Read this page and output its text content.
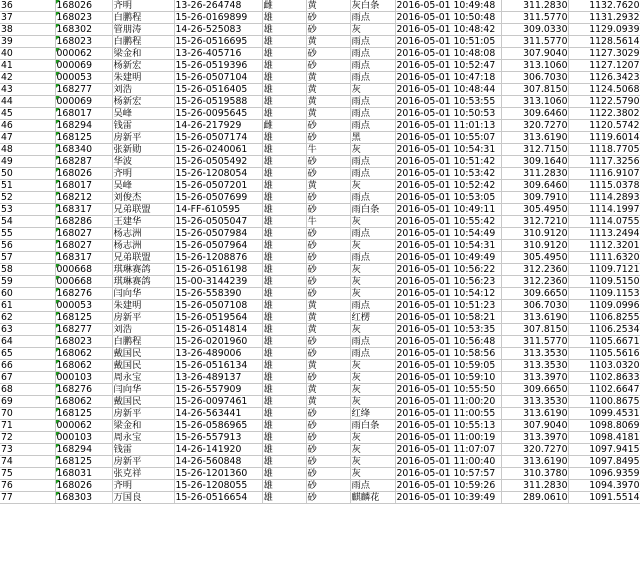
36	168026	齐明	13-26-264748	雌	黄	灰白条	2016-05-01 10:49:48	311.2830	1132.7620
37	168023	白鹏程	15-26-0169899	雄	砂	雨点	2016-05-01 10:50:48	311.5770	1131.2932
38	168302	管朋涛	14-26-525083	雄	砂	灰	2016-05-01 10:48:42	309.0330	1129.0939
39	168023	白鹏程	15-26-0516695	雄	黄	雨点	2016-05-01 10:51:05	311.5770	1128.5614
40	000062	梁金和	13-26-405716	雄	砂	雨点	2016-05-01 10:48:08	307.9040	1127.3029
41	000069	杨新宏	15-26-0519396	雄	砂	雨点	2016-05-01 10:52:47	313.1060	1127.1207
42	000053	朱建明	15-26-0507104	雄	黄	雨点	2016-05-01 10:47:18	306.7030	1126.3423
43	168277	刘浩	15-26-0516405	雄	黄	灰	2016-05-01 10:48:44	307.8150	1124.5068
44	000069	杨新宏	15-26-0519588	雄	黄	雨点	2016-05-01 10:53:55	313.1060	1122.5790
45	168017	吴峰	15-26-0095645	雄	黄	雨点	2016-05-01 10:50:53	309.6460	1122.3802
46	168294	钱雷	14-26-217929	雌	砂	雨点	2016-05-01 11:01:13	320.7270	1120.5742
47	168125	房新平	15-26-0507174	雄	砂	黑	2016-05-01 10:55:07	313.6190	1119.6014
48	168340	张新勋	15-26-0240061	雄	牛	灰	2016-05-01 10:54:31	312.7150	1118.7705
49	168287	华波	15-26-0505492	雄	砂	雨点	2016-05-01 10:51:42	309.1640	1117.3256
50	168026	齐明	15-26-1208054	雄	砂	雨点	2016-05-01 10:53:42	311.2830	1116.9107
51	168017	吴峰	15-26-0507201	雄	黄	灰	2016-05-01 10:52:42	309.6460	1115.0378
52	168212	刘俊杰	15-26-0507699	雄	砂	雨点	2016-05-01 10:53:05	309.7910	1114.2893
53	168317	兄弟联盟	14-FF-610595	雄	砂	雨白条	2016-05-01 10:49:11	305.4950	1114.1997
54	168286	王建华	15-26-0505047	雄	牛	灰	2016-05-01 10:55:42	312.7210	1114.0755
55	168027	杨志洲	15-26-0507984	雄	砂	雨点	2016-05-01 10:54:49	310.9120	1113.2494
56	168027	杨志洲	15-26-0507964	雄	砂	灰	2016-05-01 10:54:31	310.9120	1112.3201
57	168317	兄弟联盟	15-26-1208876	雄	砂	雨点	2016-05-01 10:49:49	305.4950	1111.6320
58	000668	琪琳赛鸽	15-26-0516198	雄	砂	灰	2016-05-01 10:56:22	312.2360	1109.7121
59	000668	琪琳赛鸽	15-00-3144239	雄	砂	灰	2016-05-01 10:56:23	312.2360	1109.5150
60	168276	闫向华	15-26-558390	雄	砂	灰	2016-05-01 10:54:12	309.6650	1109.1153
61	000053	朱建明	15-26-0507108	雄	黄	雨点	2016-05-01 10:51:23	306.7030	1109.0996
62	168125	房新平	15-26-0519564	雄	黄	红楞	2016-05-01 10:58:21	313.6190	1106.8255
63	168277	刘浩	15-26-0514814	雄	黄	灰	2016-05-01 10:53:35	307.8150	1106.2534
64	168023	白鹏程	15-26-0201960	雄	砂	雨点	2016-05-01 10:56:48	311.5770	1105.6671
65	168062	戴国民	13-26-489006	雄	砂	雨点	2016-05-01 10:58:56	313.3530	1105.5616
66	168062	戴国民	15-26-0516134	雄	黄	灰	2016-05-01 10:59:05	313.3530	1103.0320
67	000103	周永宝	13-26-489137	雄	砂	灰	2016-05-01 10:59:10	313.3970	1102.8633
68	168276	闫向华	15-26-557909	雄	黄	灰	2016-05-01 10:55:50	309.6650	1102.6647
69	168062	戴国民	15-26-0097461	雄	黄	灰	2016-05-01 11:00:20	313.3530	1100.8675
70	168125	房新平	14-26-563441	雄	砂	红绛	2016-05-01 11:00:55	313.6190	1099.4531
71	000062	梁金和	15-26-0586965	雄	砂	雨白条	2016-05-01 10:55:13	307.9040	1098.8069
72	000103	周永宝	15-26-557913	雄	砂	灰	2016-05-01 11:00:19	313.3970	1098.4181
73	168294	钱雷	14-26-141920	雄	砂	灰	2016-05-01 11:07:07	320.7270	1097.9415
74	168125	房新平	14-26-560848	雄	砂	灰	2016-05-01 11:00:40	313.6190	1097.8495
75	168031	张克祥	15-26-1201360	雄	砂	灰	2016-05-01 10:57:57	310.3780	1096.9359
76	168026	齐明	15-26-1208055	雄	砂	雨点	2016-05-01 10:59:26	311.2830	1094.3970
77	168303	万国良	15-26-0516654	雄	砂	麒麟花	2016-05-01 10:39:49	289.0610	1091.5514
